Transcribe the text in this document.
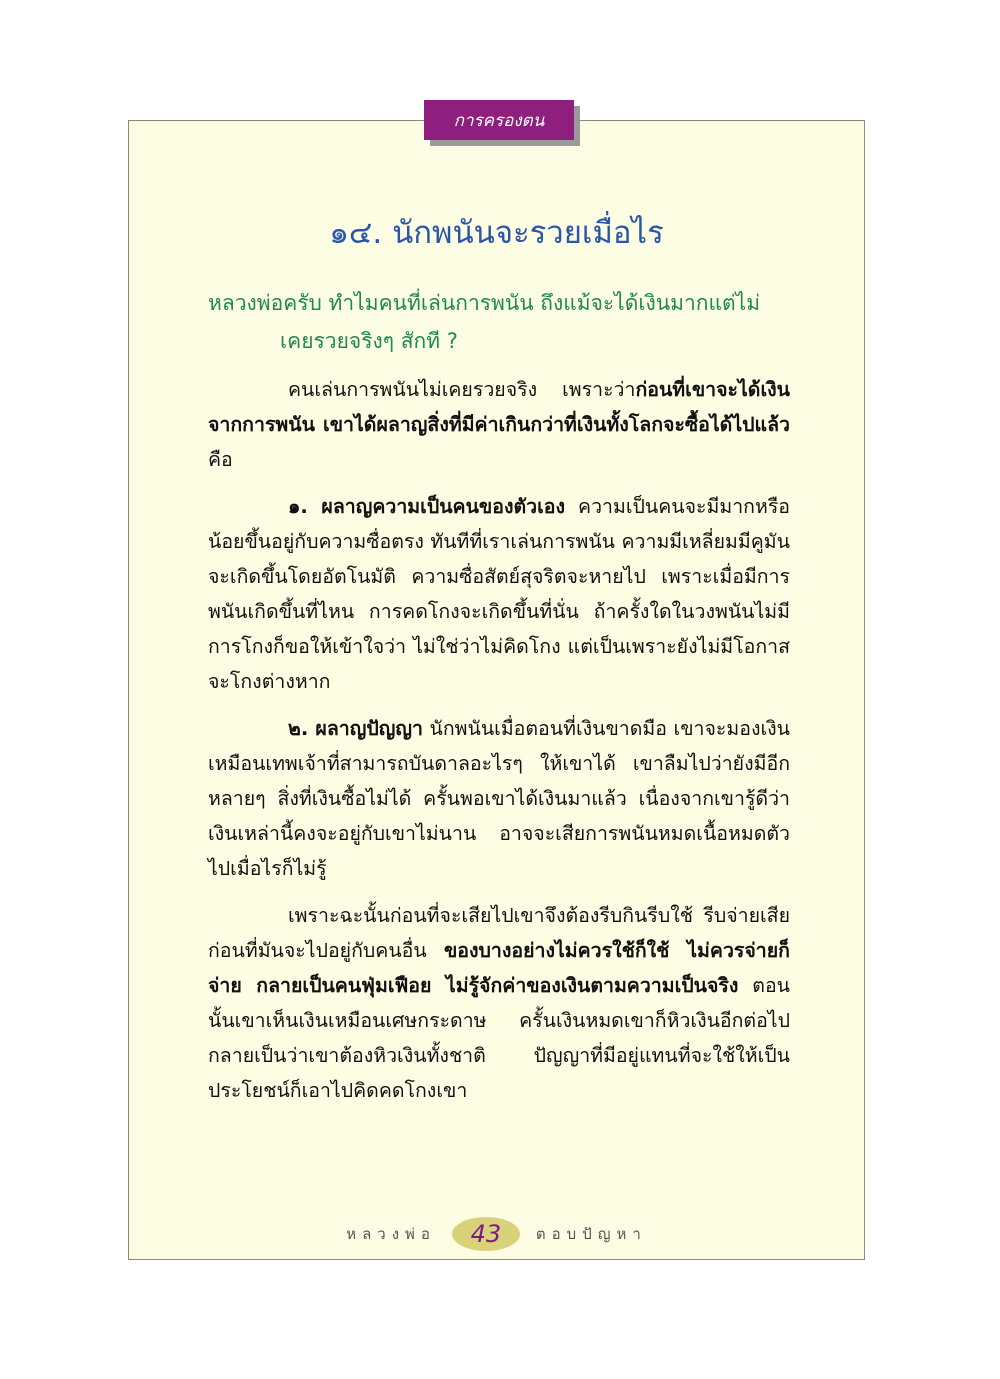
การครองตน
๑๔. นักพนันจะรวยเมื่อไร

หลวงพ่อครับ ทำไมคนที่เล่นการพนัน ถึงแม้จะได้เงินมากแต่ไม่
เคยรวยจริงๆ สักที ?

คนเล่นการพนันไม่เคยรวยจริง เพราะว่าก่อนที่เขาจะได้เงินจากการพนัน เขาได้ผลาญสิ่งที่มีค่าเกินกว่าที่เงินทั้งโลกจะซื้อได้ไปแล้ว คือ

๑. ผลาญความเป็นคนของตัวเอง ความเป็นคนจะมีมากหรือน้อยขึ้นอยู่กับความซื่อตรง ทันทีที่เราเล่นการพนัน ความมีเหลี่ยมมีคูมันจะเกิดขึ้นโดยอัตโนมัติ ความซื่อสัตย์สุจริตจะหายไป เพราะเมื่อมีการพนันเกิดขึ้นที่ไหน การคดโกงจะเกิดขึ้นที่นั่น ถ้าครั้งใดในวงพนันไม่มีการโกงก็ขอให้เข้าใจว่า ไม่ใช่ว่าไม่คิดโกง แต่เป็นเพราะยังไม่มีโอกาสจะโกงต่างหาก

๒. ผลาญปัญญา นักพนันเมื่อตอนที่เงินขาดมือ เขาจะมองเงินเหมือนเทพเจ้าที่สามารถบันดาลอะไรๆ ให้เขาได้ เขาลืมไปว่ายังมีอีกหลายๆ สิ่งที่เงินซื้อไม่ได้ ครั้นพอเขาได้เงินมาแล้ว เนื่องจากเขารู้ดีว่าเงินเหล่านี้คงจะอยู่กับเขาไม่นาน อาจจะเสียการพนันหมดเนื้อหมดตัวไปเมื่อไรก็ไม่รู้

เพราะฉะนั้นก่อนที่จะเสียไปเขาจึงต้องรีบกินรีบใช้ รีบจ่ายเสียก่อนที่มันจะไปอยู่กับคนอื่น ของบางอย่างไม่ควรใช้ก็ใช้ ไม่ควรจ่ายก็จ่าย กลายเป็นคนฟุ่มเฟือย ไม่รู้จักค่าของเงินตามความเป็นจริง ตอนนั้นเขาเห็นเงินเหมือนเศษกระดาษ ครั้นเงินหมดเขาก็หิวเงินอีกต่อไป กลายเป็นว่าเขาต้องหิวเงินทั้งชาติ ปัญญาที่มีอยู่แทนที่จะใช้ให้เป็นประโยชน์ก็เอาไปคิดคดโกงเขา

หลวงพ่อ	43	ตอบปัญหา
